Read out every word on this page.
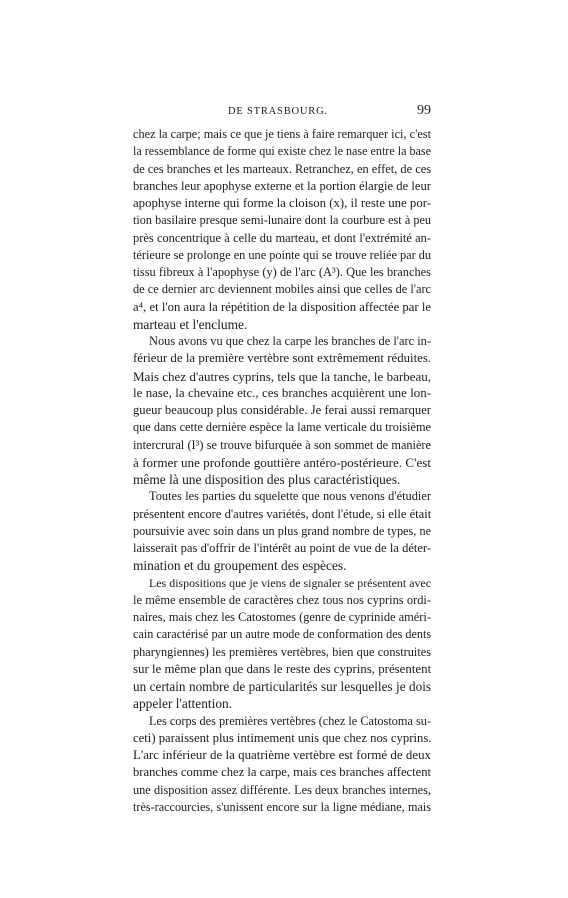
DE STRASBOURG.	99
chez la carpe; mais ce que je tiens à faire remarquer ici, c'est
la ressemblance de forme qui existe chez le nase entre la base
de ces branches et les marteaux. Retranchez, en effet, de ces
branches leur apophyse externe et la portion élargie de leur
apophyse interne qui forme la cloison (x), il reste une por-
tion basilaire presque semi-lunaire dont la courbure est à peu
près concentrique à celle du marteau, et dont l'extrémité an-
térieure se prolonge en une pointe qui se trouve reliée par du
tissu fibreux à l'apophyse (y) de l'arc (A³). Que les branches
de ce dernier arc deviennent mobiles ainsi que celles de l'arc
a⁴, et l'on aura la répétition de la disposition affectée par le
marteau et l'enclume.
Nous avons vu que chez la carpe les branches de l'arc in-
férieur de la première vertèbre sont extrêmement réduites.
Mais chez d'autres cyprins, tels que la tanche, le barbeau,
le nase, la chevaine etc., ces branches acquièrent une lon-
gueur beaucoup plus considérable. Je ferai aussi remarquer
que dans cette dernière espèce la lame verticale du troisième
intercrural (I³) se trouve bifurquée à son sommet de manière
à former une profonde gouttière antéro-postérieure. C'est
même là une disposition des plus caractéristiques.
Toutes les parties du squelette que nous venons d'étudier
présentent encore d'autres variétés, dont l'étude, si elle était
poursuivie avec soin dans un plus grand nombre de types, ne
laisserait pas d'offrir de l'intérêt au point de vue de la déter-
mination et du groupement des espèces.
Les dispositions que je viens de signaler se présentent avec
le même ensemble de caractères chez tous nos cyprins ordi-
naires, mais chez les Catostomes (genre de cyprinide améri-
cain caractérisé par un autre mode de conformation des dents
pharyngiennes) les premières vertèbres, bien que construites
sur le même plan que dans le reste des cyprins, présentent
un certain nombre de particularités sur lesquelles je dois
appeler l'attention.
Les corps des premières vertèbres (chez le Catostoma su-
ceti) paraissent plus intimement unis que chez nos cyprins.
L'arc inférieur de la quatrième vertèbre est formé de deux
branches comme chez la carpe, mais ces branches affectent
une disposition assez différente. Les deux branches internes,
très-raccourcies, s'unissent encore sur la ligne médiane, mais
